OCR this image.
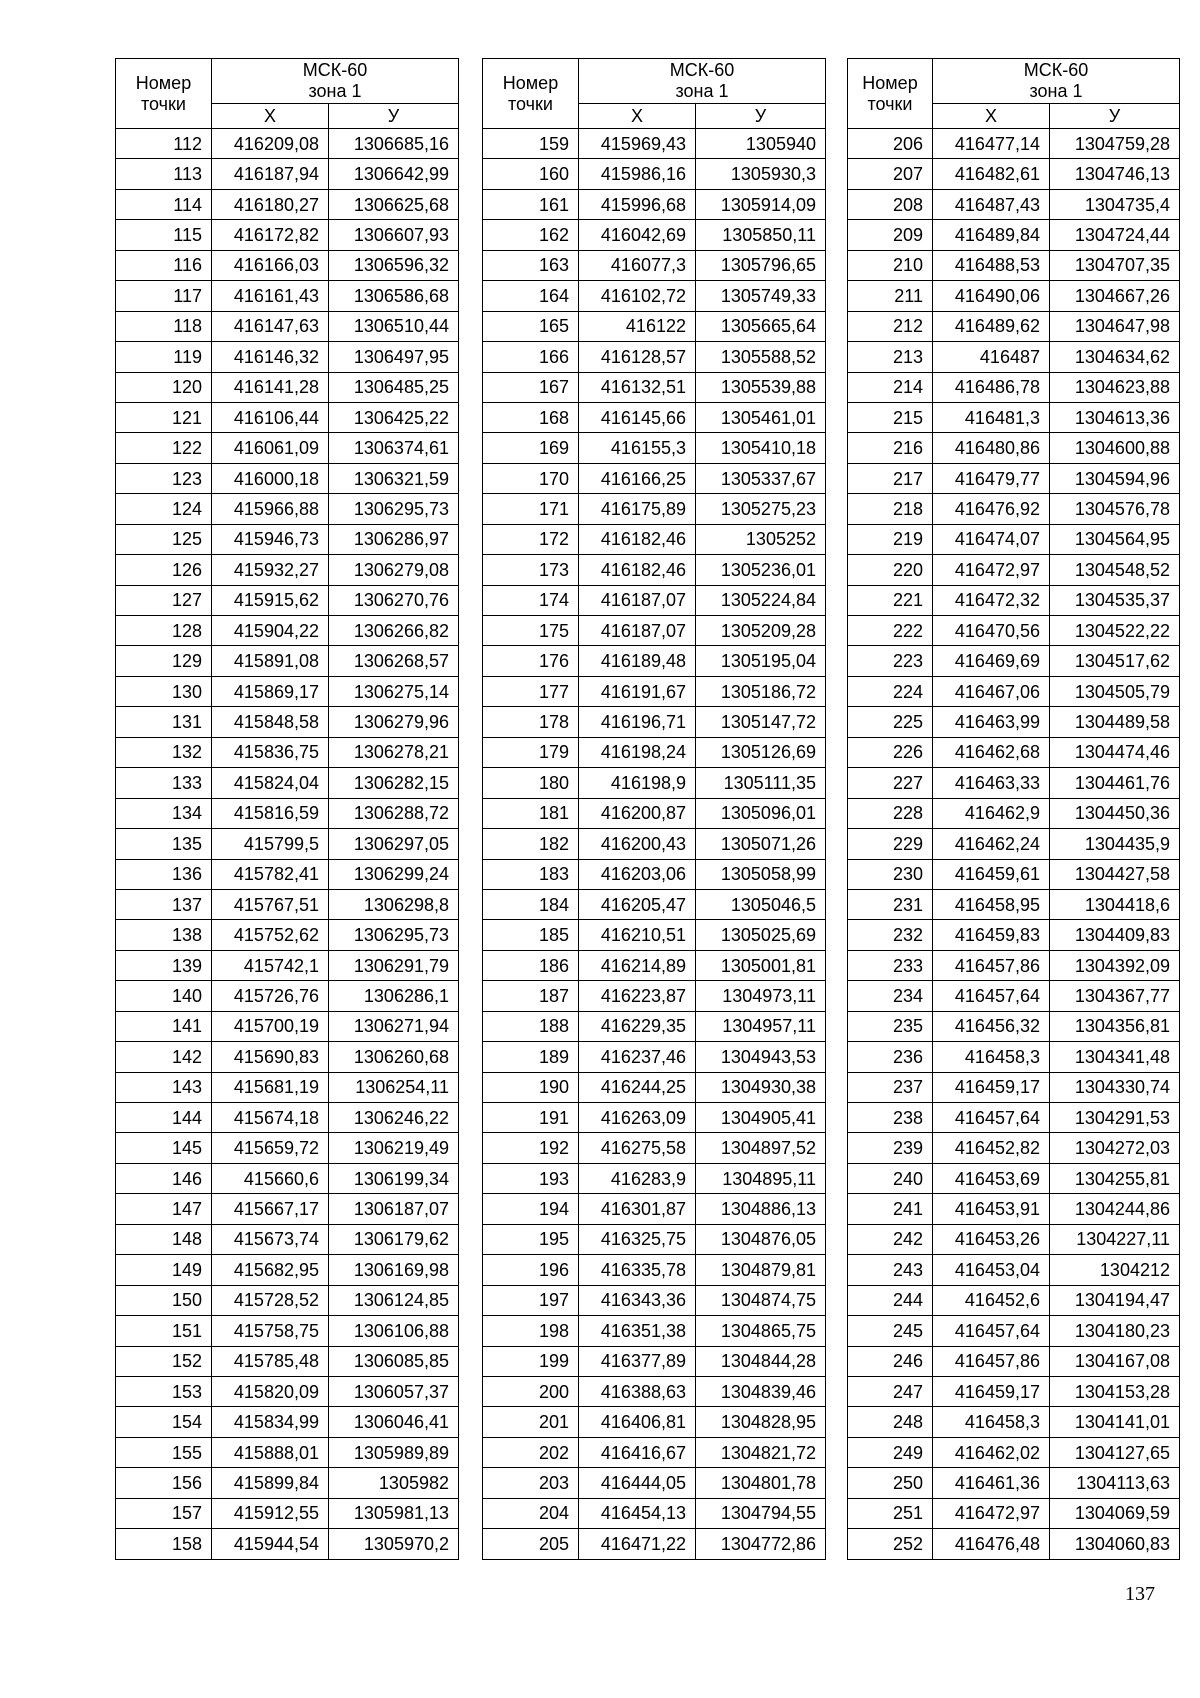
Номер
точки	МСК-60
зона 1	
	X	У
112	416209,08	1306685,16
113	416187,94	1306642,99
114	416180,27	1306625,68
115	416172,82	1306607,93
116	416166,03	1306596,32
117	416161,43	1306586,68
118	416147,63	1306510,44
119	416146,32	1306497,95
120	416141,28	1306485,25
121	416106,44	1306425,22
122	416061,09	1306374,61
123	416000,18	1306321,59
124	415966,88	1306295,73
125	415946,73	1306286,97
126	415932,27	1306279,08
127	415915,62	1306270,76
128	415904,22	1306266,82
129	415891,08	1306268,57
130	415869,17	1306275,14
131	415848,58	1306279,96
132	415836,75	1306278,21
133	415824,04	1306282,15
134	415816,59	1306288,72
135	415799,5	1306297,05
136	415782,41	1306299,24
137	415767,51	1306298,8
138	415752,62	1306295,73
139	415742,1	1306291,79
140	415726,76	1306286,1
141	415700,19	1306271,94
142	415690,83	1306260,68
143	415681,19	1306254,11
144	415674,18	1306246,22
145	415659,72	1306219,49
146	415660,6	1306199,34
147	415667,17	1306187,07
148	415673,74	1306179,62
149	415682,95	1306169,98
150	415728,52	1306124,85
151	415758,75	1306106,88
152	415785,48	1306085,85
153	415820,09	1306057,37
154	415834,99	1306046,41
155	415888,01	1305989,89
156	415899,84	1305982
157	415912,55	1305981,13
158	415944,54	1305970,2
Номер
точки	МСК-60
зона 1	
	X	У
159	415969,43	1305940
160	415986,16	1305930,3
161	415996,68	1305914,09
162	416042,69	1305850,11
163	416077,3	1305796,65
164	416102,72	1305749,33
165	416122	1305665,64
166	416128,57	1305588,52
167	416132,51	1305539,88
168	416145,66	1305461,01
169	416155,3	1305410,18
170	416166,25	1305337,67
171	416175,89	1305275,23
172	416182,46	1305252
173	416182,46	1305236,01
174	416187,07	1305224,84
175	416187,07	1305209,28
176	416189,48	1305195,04
177	416191,67	1305186,72
178	416196,71	1305147,72
179	416198,24	1305126,69
180	416198,9	1305111,35
181	416200,87	1305096,01
182	416200,43	1305071,26
183	416203,06	1305058,99
184	416205,47	1305046,5
185	416210,51	1305025,69
186	416214,89	1305001,81
187	416223,87	1304973,11
188	416229,35	1304957,11
189	416237,46	1304943,53
190	416244,25	1304930,38
191	416263,09	1304905,41
192	416275,58	1304897,52
193	416283,9	1304895,11
194	416301,87	1304886,13
195	416325,75	1304876,05
196	416335,78	1304879,81
197	416343,36	1304874,75
198	416351,38	1304865,75
199	416377,89	1304844,28
200	416388,63	1304839,46
201	416406,81	1304828,95
202	416416,67	1304821,72
203	416444,05	1304801,78
204	416454,13	1304794,55
205	416471,22	1304772,86
Номер
точки	МСК-60
зона 1	
	X	У
206	416477,14	1304759,28
207	416482,61	1304746,13
208	416487,43	1304735,4
209	416489,84	1304724,44
210	416488,53	1304707,35
211	416490,06	1304667,26
212	416489,62	1304647,98
213	416487	1304634,62
214	416486,78	1304623,88
215	416481,3	1304613,36
216	416480,86	1304600,88
217	416479,77	1304594,96
218	416476,92	1304576,78
219	416474,07	1304564,95
220	416472,97	1304548,52
221	416472,32	1304535,37
222	416470,56	1304522,22
223	416469,69	1304517,62
224	416467,06	1304505,79
225	416463,99	1304489,58
226	416462,68	1304474,46
227	416463,33	1304461,76
228	416462,9	1304450,36
229	416462,24	1304435,9
230	416459,61	1304427,58
231	416458,95	1304418,6
232	416459,83	1304409,83
233	416457,86	1304392,09
234	416457,64	1304367,77
235	416456,32	1304356,81
236	416458,3	1304341,48
237	416459,17	1304330,74
238	416457,64	1304291,53
239	416452,82	1304272,03
240	416453,69	1304255,81
241	416453,91	1304244,86
242	416453,26	1304227,11
243	416453,04	1304212
244	416452,6	1304194,47
245	416457,64	1304180,23
246	416457,86	1304167,08
247	416459,17	1304153,28
248	416458,3	1304141,01
249	416462,02	1304127,65
250	416461,36	1304113,63
251	416472,97	1304069,59
252	416476,48	1304060,83
137
